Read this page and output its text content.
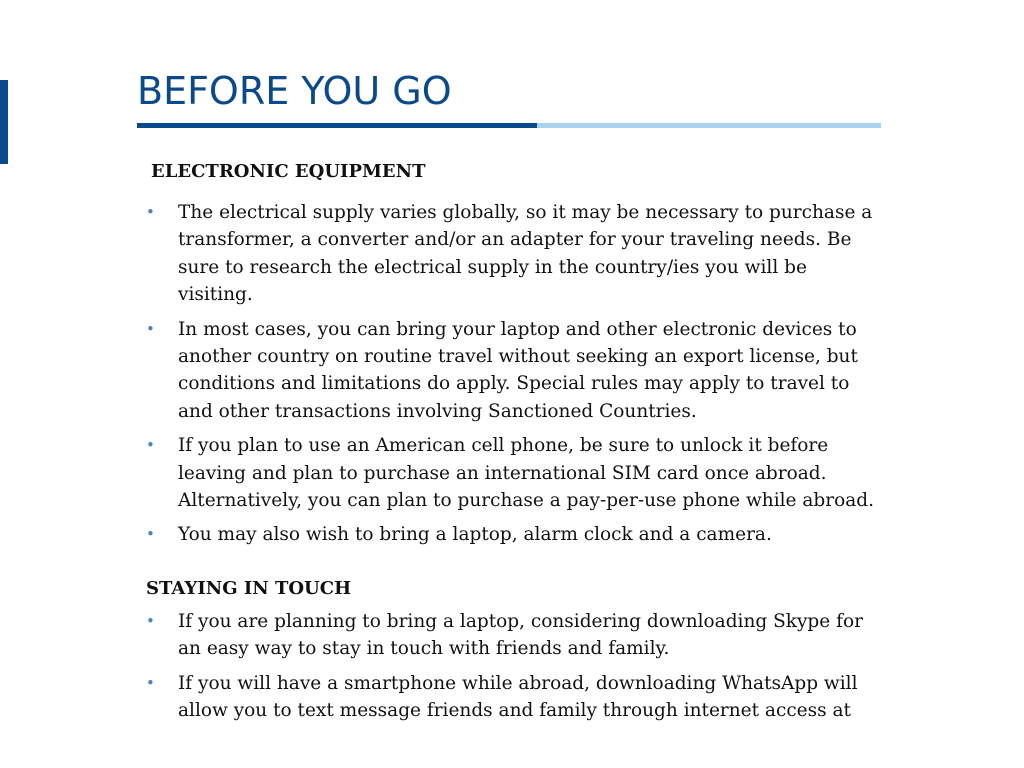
BEFORE YOU GO
ELECTRONIC EQUIPMENT
• The electrical supply varies globally, so it may be necessary to purchase a transformer, a converter and/or an adapter for your traveling needs. Be sure to research the electrical supply in the country/ies you will be visiting.
• In most cases, you can bring your laptop and other electronic devices to another country on routine travel without seeking an export license, but conditions and limitations do apply. Special rules may apply to travel to and other transactions involving Sanctioned Countries.
• If you plan to use an American cell phone, be sure to unlock it before leaving and plan to purchase an international SIM card once abroad. Alternatively, you can plan to purchase a pay-per-use phone while abroad.
• You may also wish to bring a laptop, alarm clock and a camera.
STAYING IN TOUCH
• If you are planning to bring a laptop, considering downloading Skype for an easy way to stay in touch with friends and family.
• If you will have a smartphone while abroad, downloading WhatsApp will allow you to text message friends and family through internet access at
